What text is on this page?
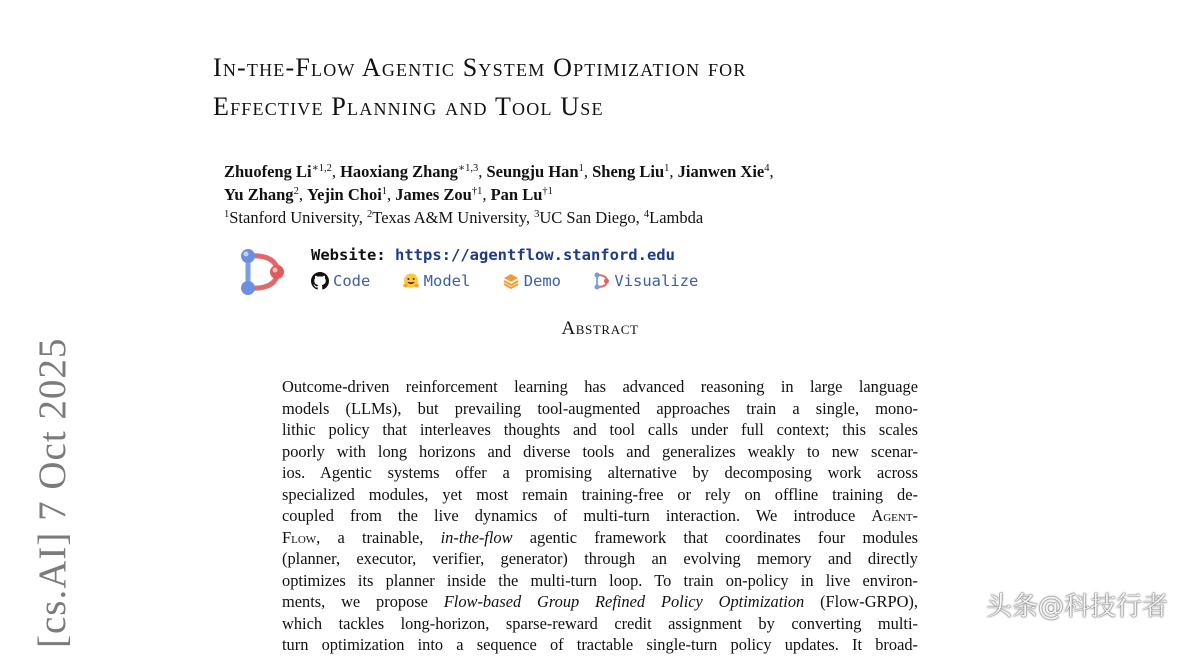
In-the-Flow Agentic System Optimization for
Effective Planning and Tool Use
Zhuofeng $Li^{∗1,2}$, Haoxiang Zhang$^{∗1,3}$, Seungju Han$^1$, Sheng Liu$^1$, Jianwen Xie$^4$,
Yu Zhang$^2$, Yejin Choi$^1$, James Zou$^{\dagger 1}$, Pan Lu$^{\dagger 1}$
$^1$Stanford University, $^2$Texas A&M University, $^3$UC San Diego, $^4$Lambda
Website: https://agentflow.stanford.edu
Code
	Model
	Demo
	Visualize
Abstract
Outcome-driven reinforcement learning has advanced reasoning in large language
models (LLMs), but prevailing tool-augmented approaches train a single, mono-
lithic policy that interleaves thoughts and tool calls under full context; this scales
poorly with long horizons and diverse tools and generalizes weakly to new scenar-
ios. Agentic systems offer a promising alternative by decomposing work across
specialized modules, yet most remain training-free or rely on offline training de-
coupled from the live dynamics of multi-turn interaction. We introduce Agent-
Flow, a trainable, in-the-flow agentic framework that coordinates four modules
(planner, executor, verifier, generator) through an evolving memory and directly
optimizes its planner inside the multi-turn loop. To train on-policy in live environ-
ments, we propose Flow-based Group Refined Policy Optimization (Flow-GRPO),
which tackles long-horizon, sparse-reward credit assignment by converting multi-
turn optimization into a sequence of tractable single-turn policy updates. It broad-
[cs.AI] 7 Oct 2025	头条@科技行者
